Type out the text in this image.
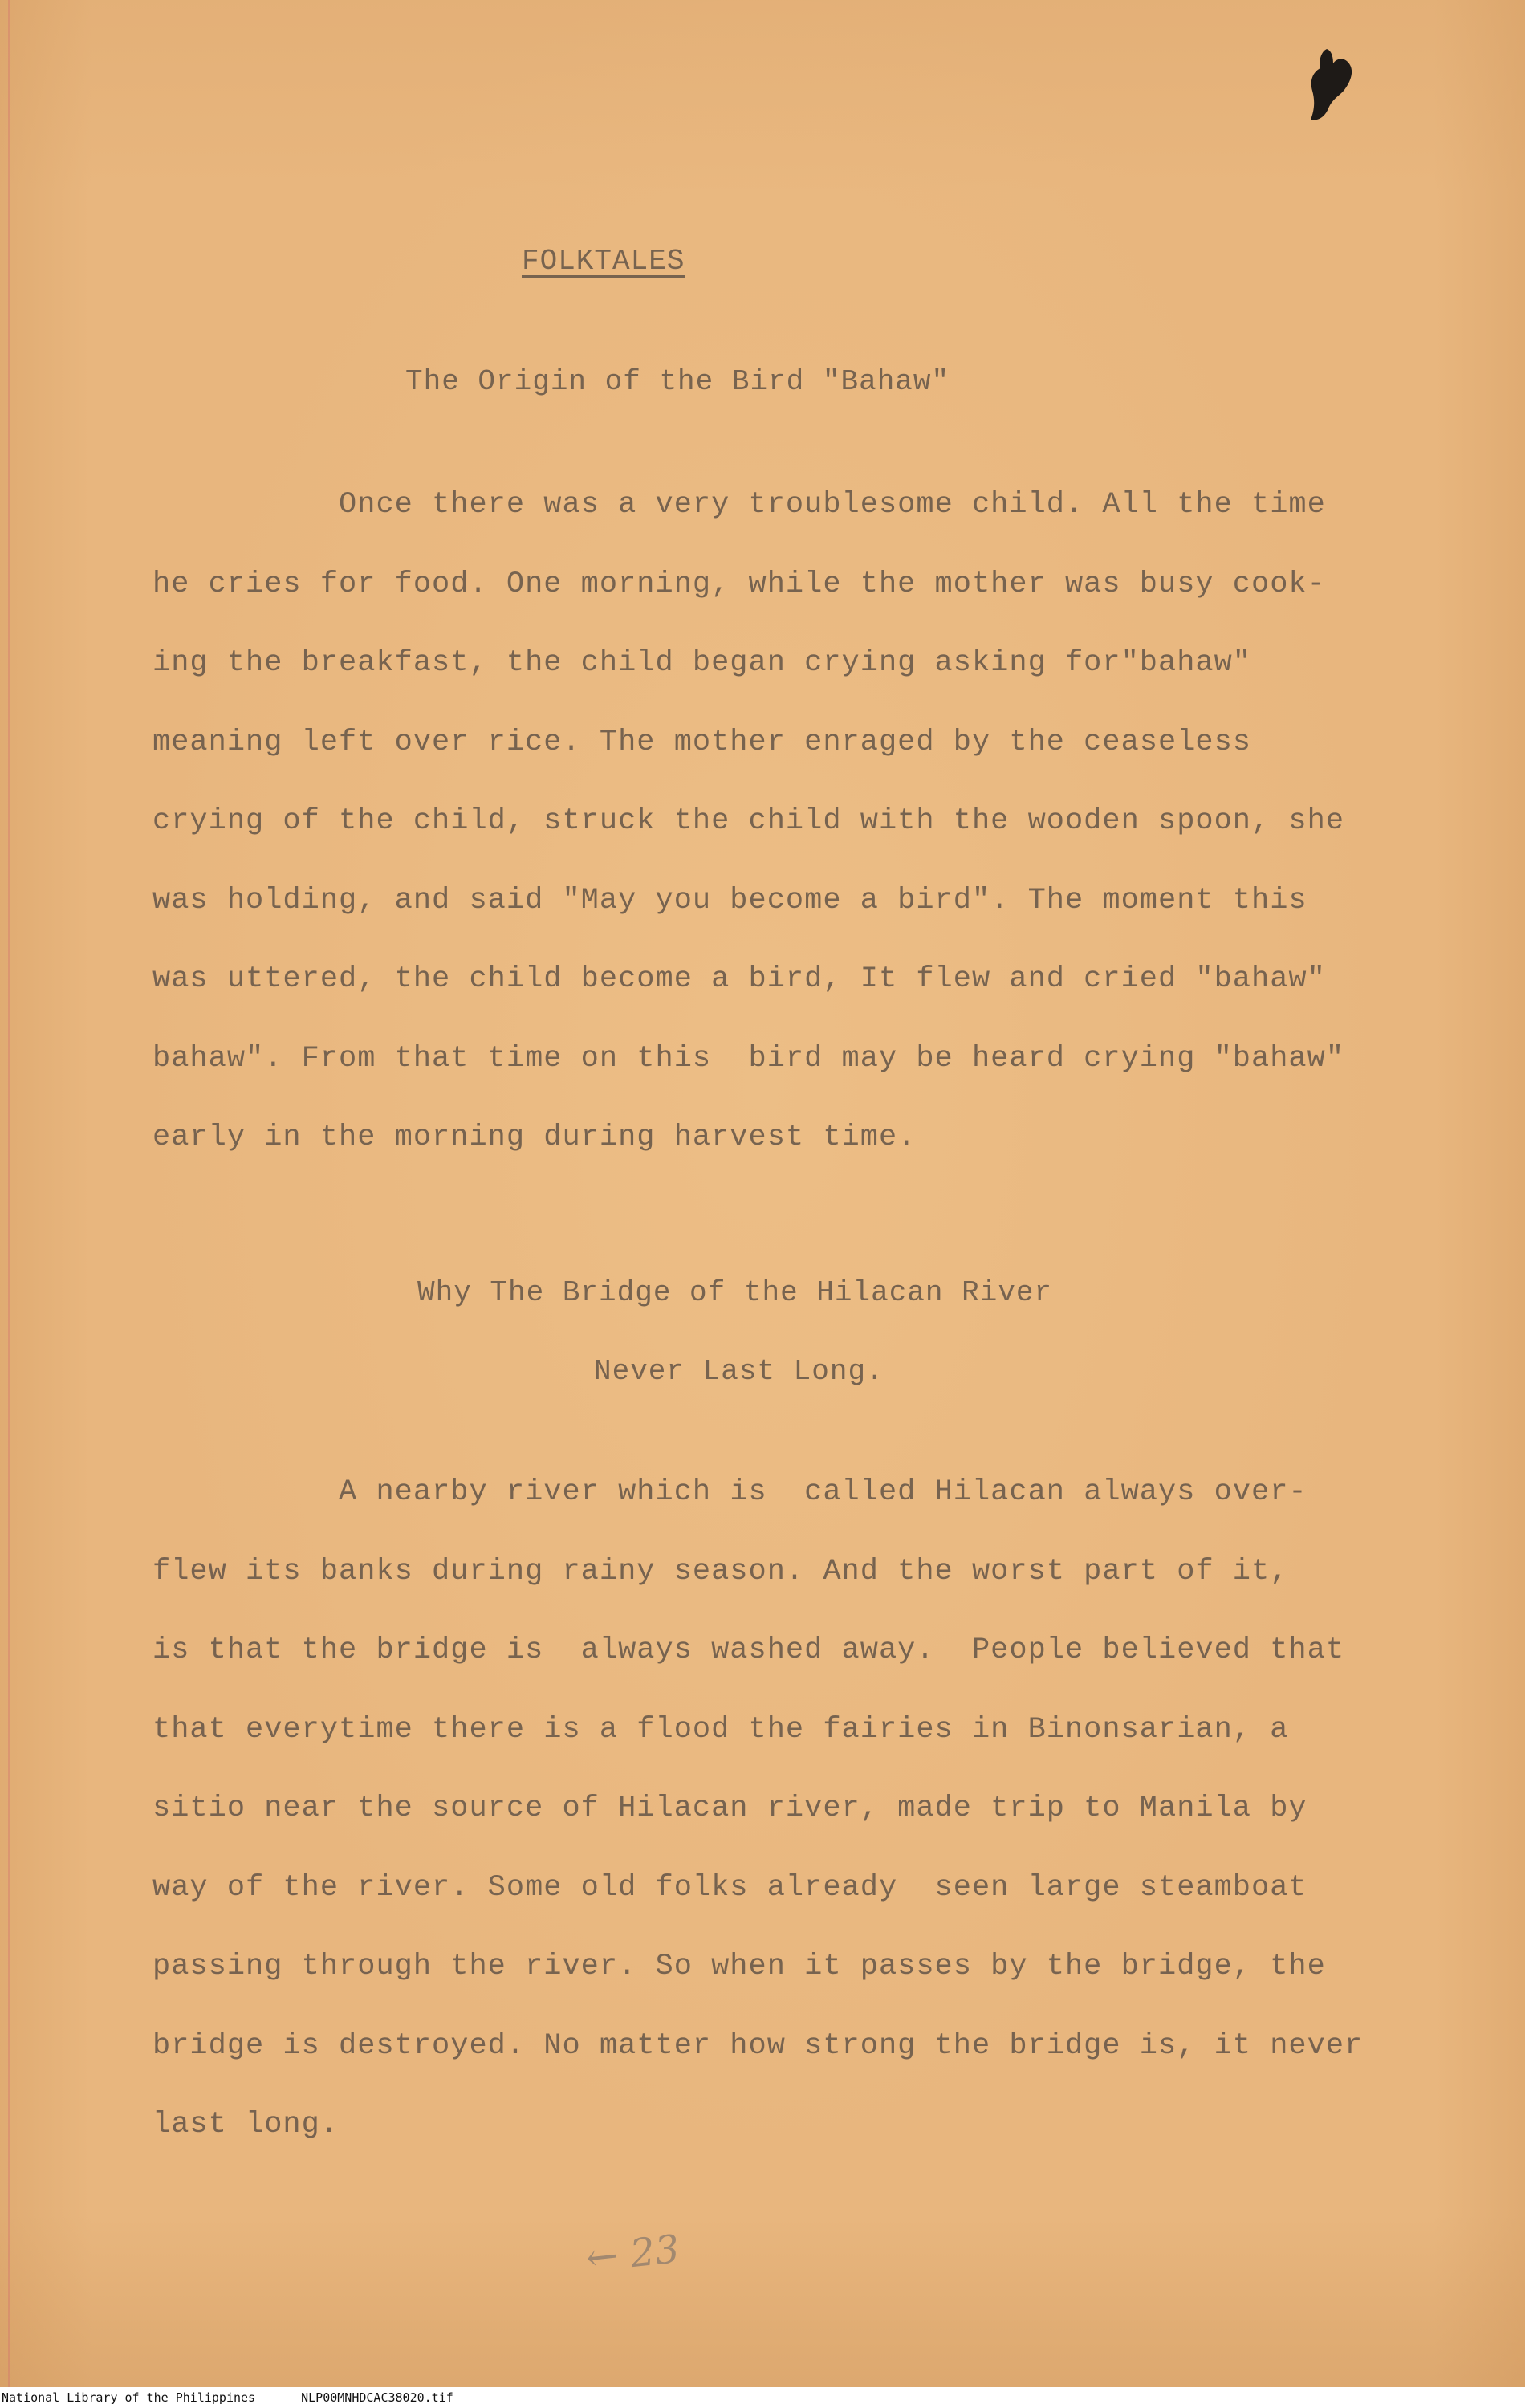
FOLKTALES
The Origin of the Bird "Bahaw"
Once there was a very troublesome child. All the time
he cries for food. One morning, while the mother was busy cook-
ing the breakfast, the child began crying asking for"bahaw"
meaning left over rice. The mother enraged by the ceaseless
crying of the child, struck the child with the wooden spoon, she
was holding, and said "May you become a bird". The moment this
was uttered, the child become a bird, It flew and cried "bahaw"
bahaw". From that time on this  bird may be heard crying "bahaw"
early in the morning during harvest time.
Why The Bridge of the Hilacan River
Never Last Long.
A nearby river which is  called Hilacan always over-
flew its banks during rainy season. And the worst part of it,
is that the bridge is  always washed away.  People believed that
that everytime there is a flood the fairies in Binonsarian, a
sitio near the source of Hilacan river, made trip to Manila by
way of the river. Some old folks already  seen large steamboat
passing through the river. So when it passes by the bridge, the
bridge is destroyed. No matter how strong the bridge is, it never
last long.
← 23
National Library of the Philippines	NLP00MNHDCAC38020.tif
